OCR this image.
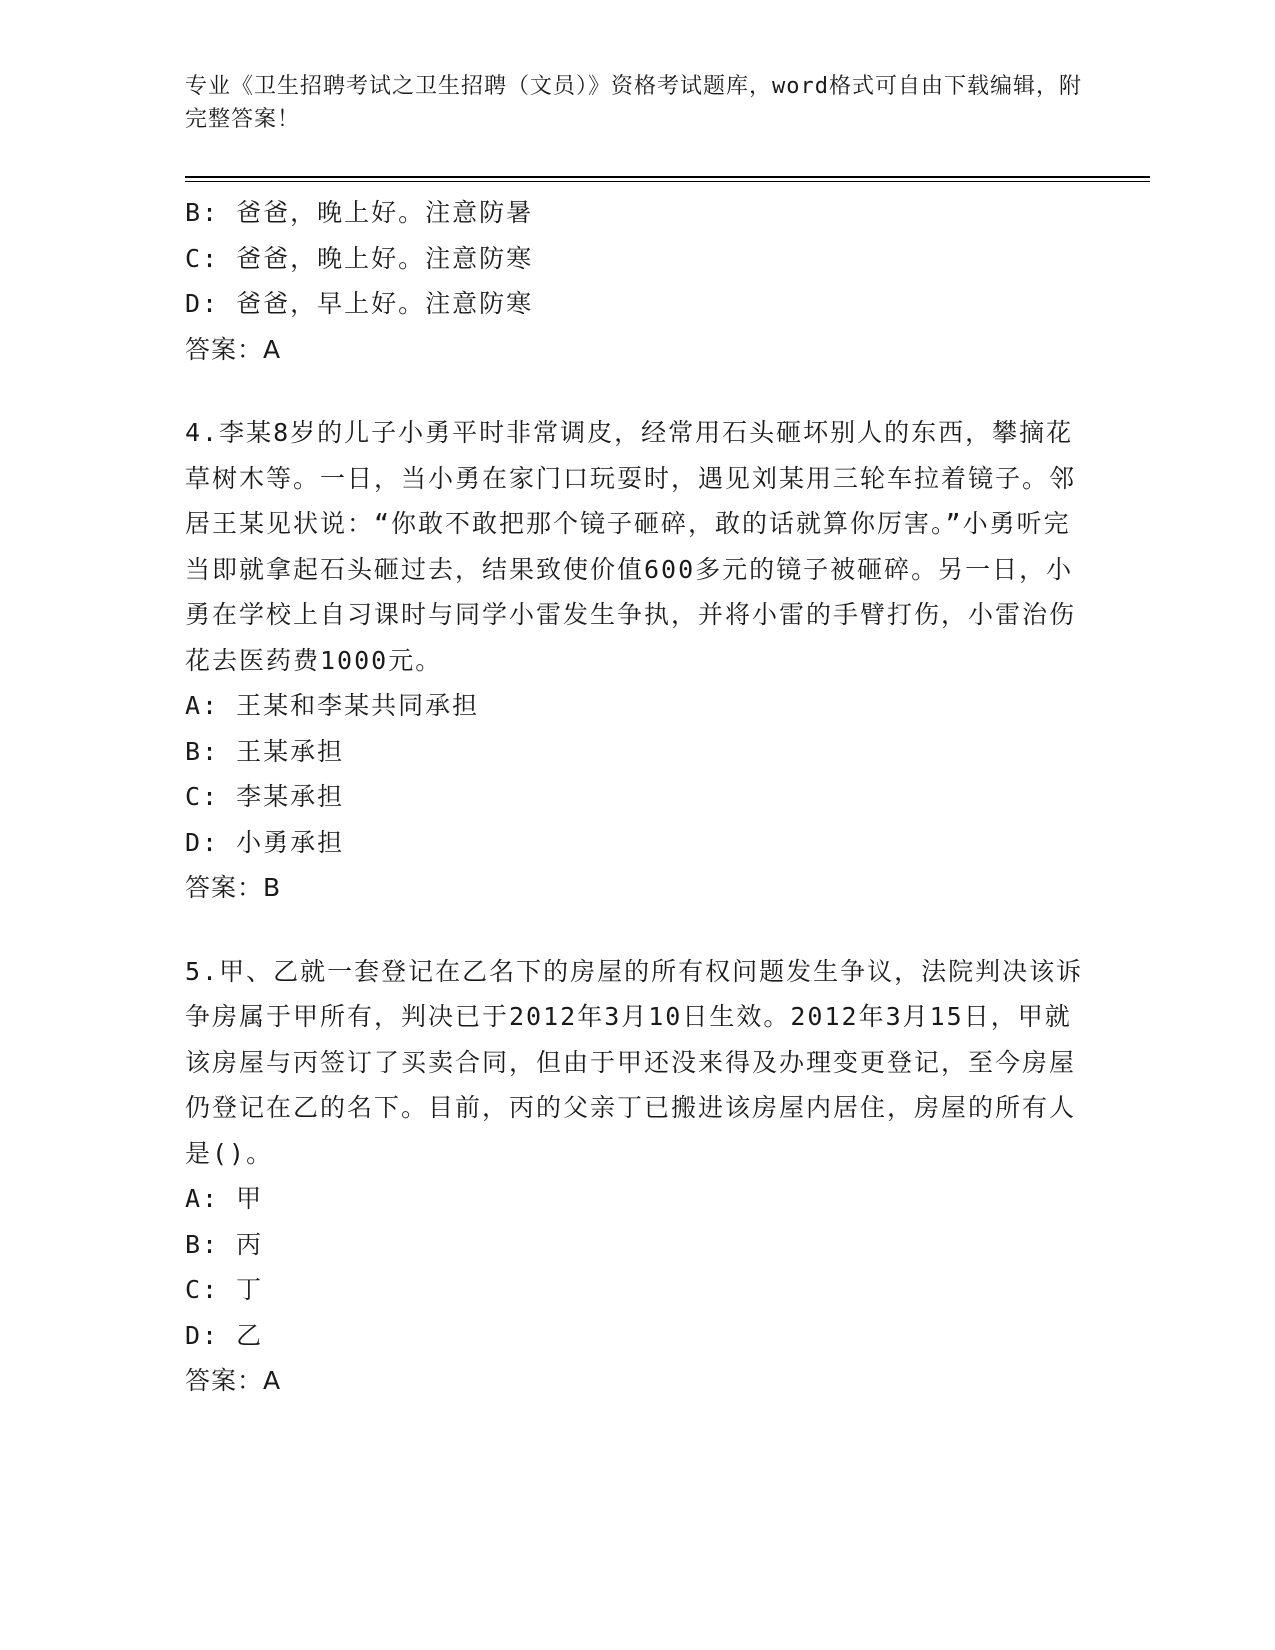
专业《卫生招聘考试之卫生招聘（文员）》资格考试题库，word格式可自由下载编辑，附完整答案！
B: 爸爸，晚上好。注意防暑
C: 爸爸，晚上好。注意防寒
D: 爸爸，早上好。注意防寒
答案：A
4.李某8岁的儿子小勇平时非常调皮，经常用石头砸坏别人的东西，攀摘花草树木等。一日，当小勇在家门口玩耍时，遇见刘某用三轮车拉着镜子。邻居王某见状说：“你敢不敢把那个镜子砸碎，敢的话就算你厉害。”小勇听完当即就拿起石头砸过去，结果致使价值600多元的镜子被砸碎。另一日，小勇在学校上自习课时与同学小雷发生争执，并将小雷的手臂打伤，小雷治伤花去医药费1000元。
A: 王某和李某共同承担
B: 王某承担
C: 李某承担
D: 小勇承担
答案：B
5.甲、乙就一套登记在乙名下的房屋的所有权问题发生争议，法院判决该诉争房属于甲所有，判决已于2012年3月10日生效。2012年3月15日，甲就该房屋与丙签订了买卖合同，但由于甲还没来得及办理变更登记，至今房屋仍登记在乙的名下。目前，丙的父亲丁已搬进该房屋内居住，房屋的所有人是()。
A: 甲
B: 丙
C: 丁
D: 乙
答案：A
